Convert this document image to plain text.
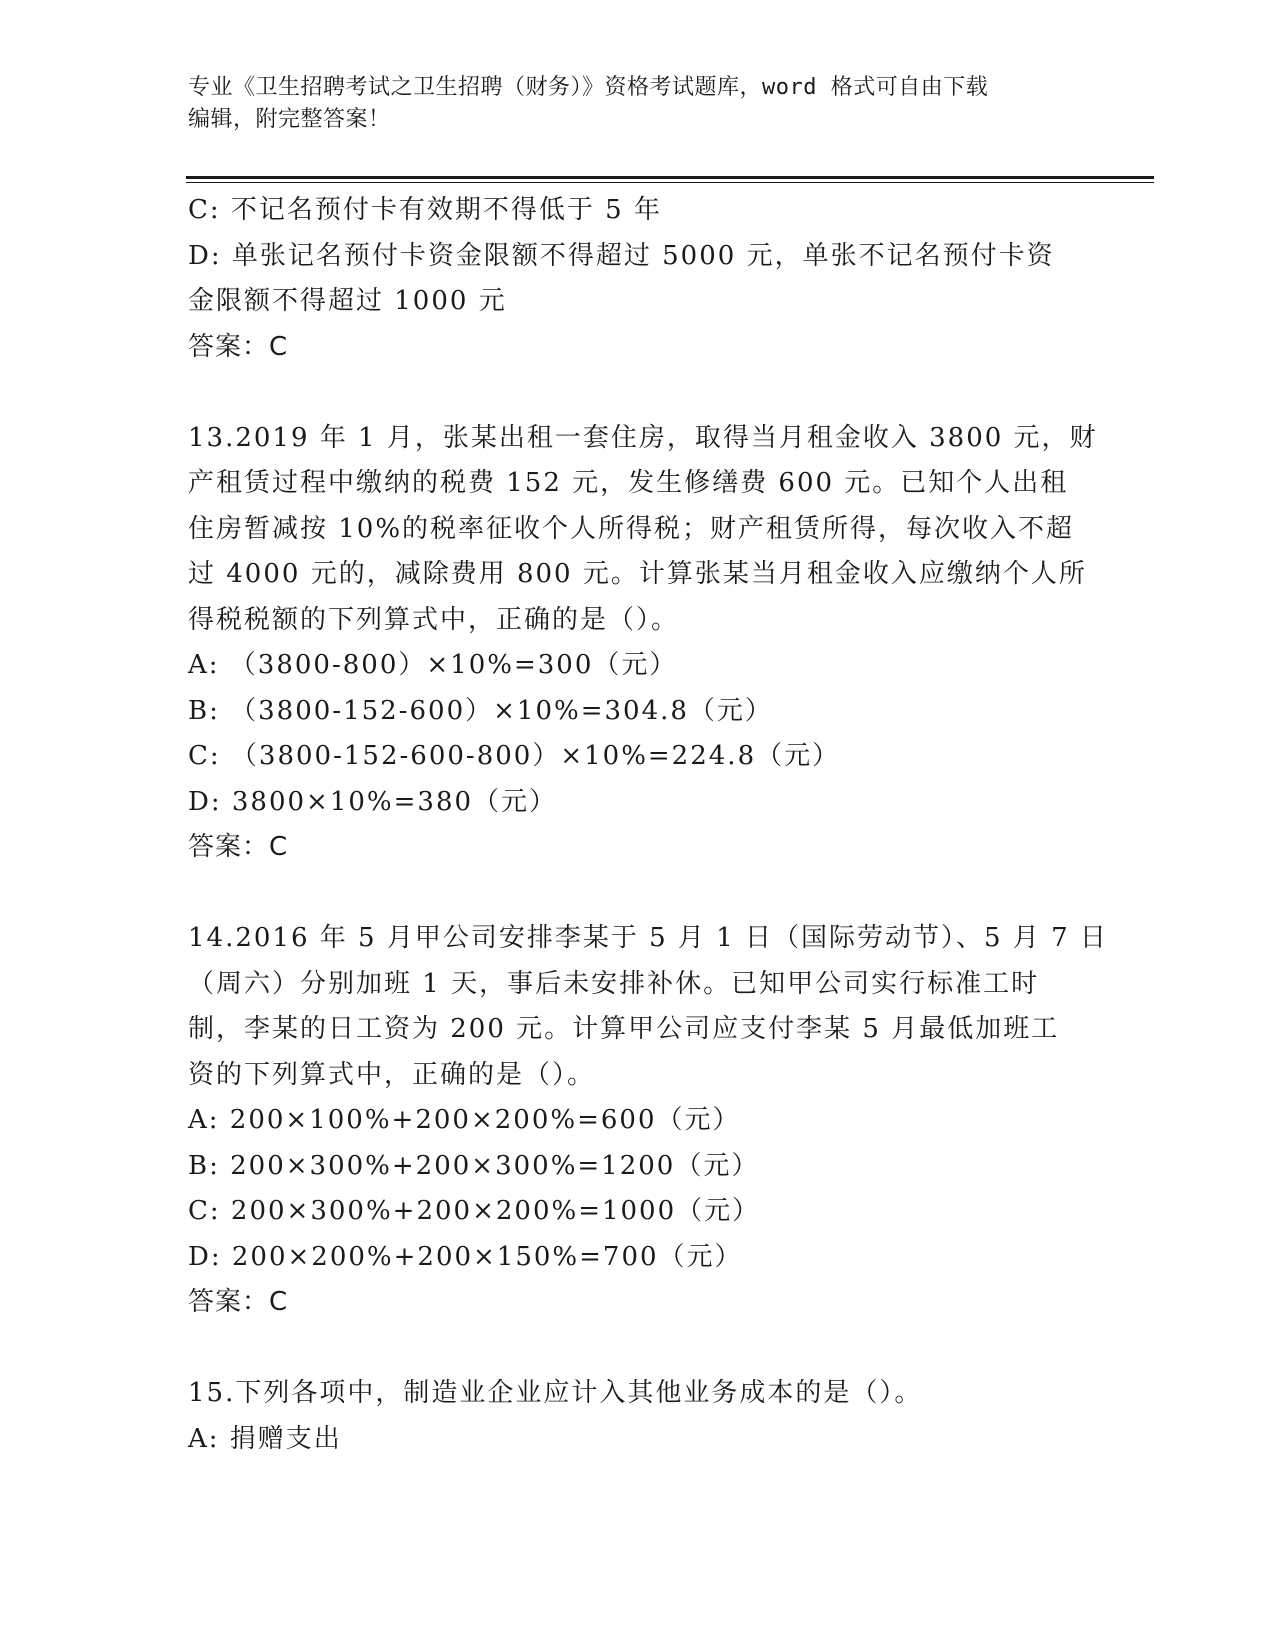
专业《卫生招聘考试之卫生招聘（财务）》资格考试题库，word 格式可自由下载
编辑，附完整答案！
C: 不记名预付卡有效期不得低于 5 年
D: 单张记名预付卡资金限额不得超过 5000 元，单张不记名预付卡资
金限额不得超过 1000 元
答案：C
13.2019 年 1 月，张某出租一套住房，取得当月租金收入 3800 元，财
产租赁过程中缴纳的税费 152 元，发生修缮费 600 元。已知个人出租
住房暂减按 10%的税率征收个人所得税；财产租赁所得，每次收入不超
过 4000 元的，减除费用 800 元。计算张某当月租金收入应缴纳个人所
得税税额的下列算式中，正确的是（）。
A: （3800-800）×10%=300（元）
B: （3800-152-600）×10%=304.8（元）
C: （3800-152-600-800）×10%=224.8（元）
D: 3800×10%=380（元）
答案：C
14.2016 年 5 月甲公司安排李某于 5 月 1 日（国际劳动节）、5 月 7 日
（周六）分别加班 1 天，事后未安排补休。已知甲公司实行标准工时
制，李某的日工资为 200 元。计算甲公司应支付李某 5 月最低加班工
资的下列算式中，正确的是（）。
A: 200×100%+200×200%=600（元）
B: 200×300%+200×300%=1200（元）
C: 200×300%+200×200%=1000（元）
D: 200×200%+200×150%=700（元）
答案：C
15.下列各项中，制造业企业应计入其他业务成本的是（）。
A: 捐赠支出
